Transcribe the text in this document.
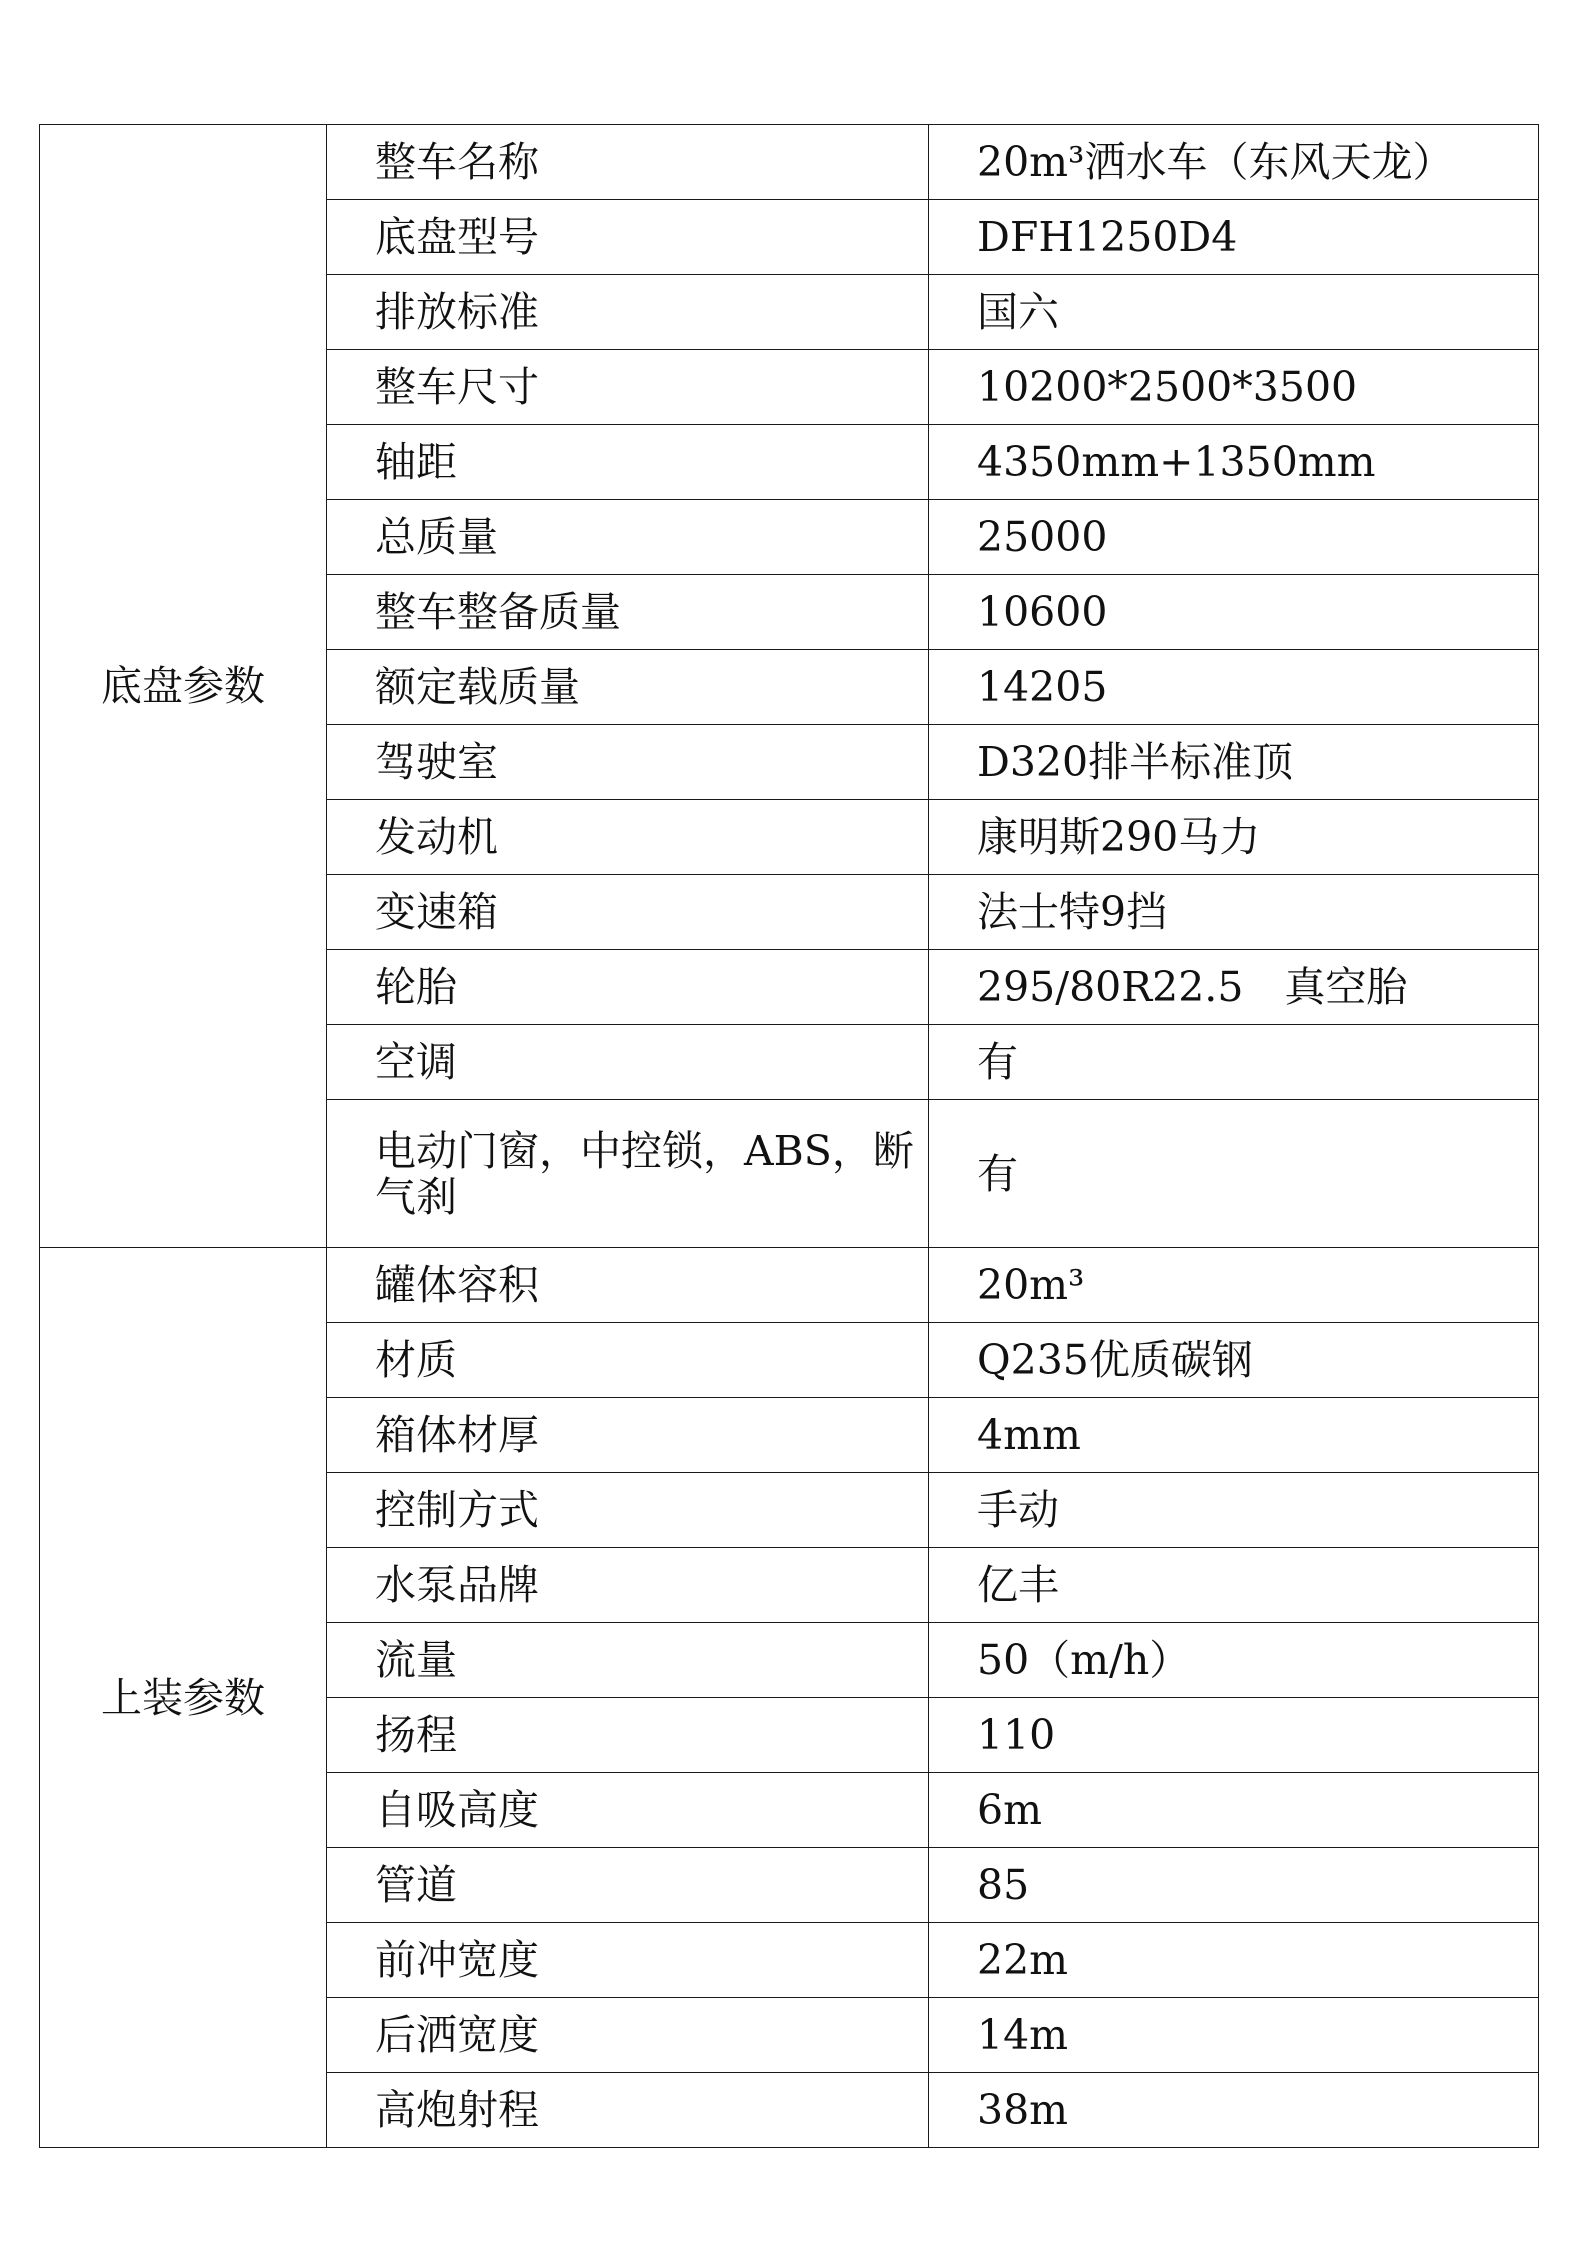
底盘参数	整车名称	20m³洒水车（东风天龙）
	底盘型号	DFH1250D4
	排放标准	国六
	整车尺寸	10200*2500*3500
	轴距	4350mm+1350mm
	总质量	25000
	整车整备质量	10600
	额定载质量	14205
	驾驶室	D320排半标准顶
	发动机	康明斯290马力
	变速箱	法士特9挡
	轮胎	295/80R22.5　真空胎
	空调	有
	电动门窗，中控锁，ABS，断气刹	有
上装参数	罐体容积	20m³
	材质	Q235优质碳钢
	箱体材厚	4mm
	控制方式	手动
	水泵品牌	亿丰
	流量	50（m/h）
	扬程	110
	自吸高度	6m
	管道	85
	前冲宽度	22m
	后洒宽度	14m
	高炮射程	38m
